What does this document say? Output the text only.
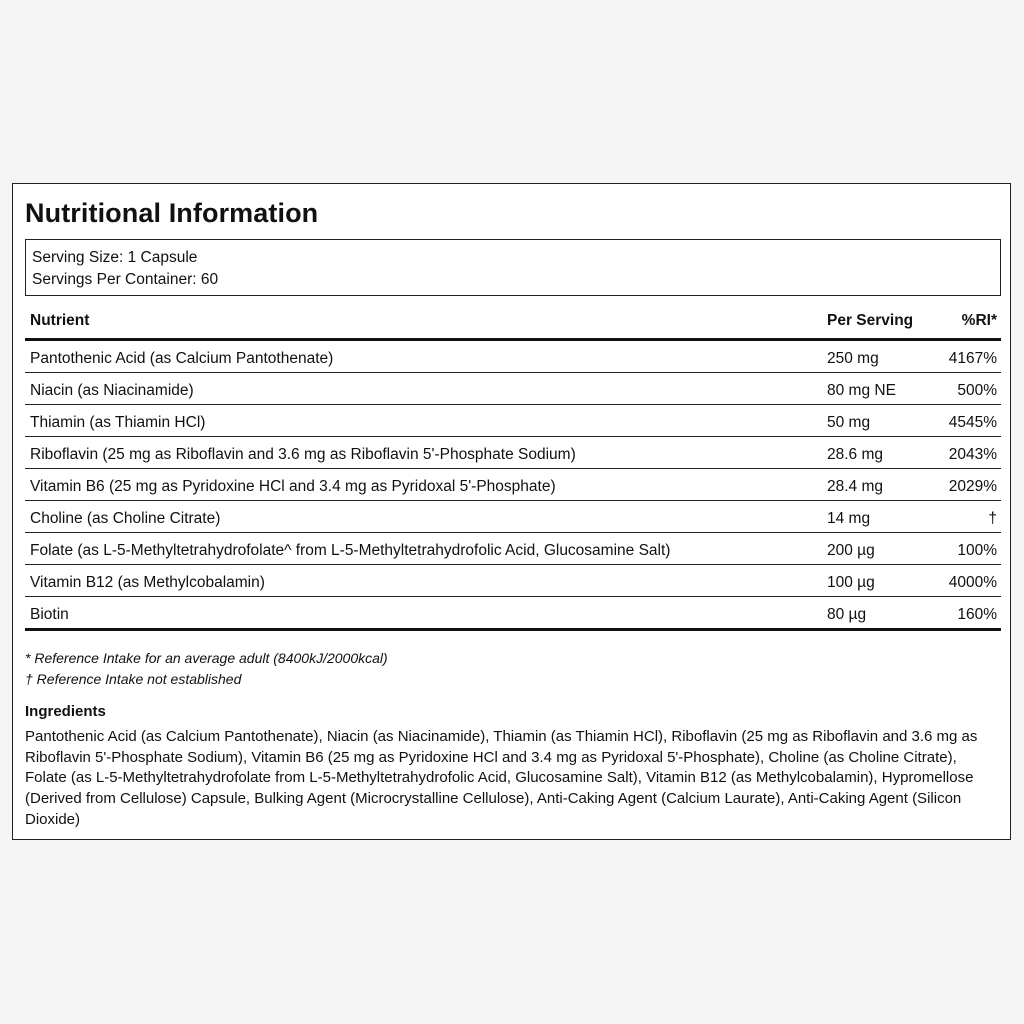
Nutritional Information
Serving Size: 1 Capsule
Servings Per Container: 60
Nutrient	Per Serving	%RI*
Pantothenic Acid (as Calcium Pantothenate)	250 mg	4167%
Niacin (as Niacinamide)	80 mg NE	500%
Thiamin (as Thiamin HCl)	50 mg	4545%
Riboflavin (25 mg as Riboflavin and 3.6 mg as Riboflavin 5'-Phosphate Sodium)	28.6 mg	2043%
Vitamin B6 (25 mg as Pyridoxine HCl and 3.4 mg as Pyridoxal 5'-Phosphate)	28.4 mg	2029%
Choline (as Choline Citrate)	14 mg	†
Folate (as L-5-Methyltetrahydrofolate^ from L-5-Methyltetrahydrofolic Acid, Glucosamine Salt)	200 µg	100%
Vitamin B12 (as Methylcobalamin)	100 µg	4000%
Biotin	80 µg	160%
* Reference Intake for an average adult (8400kJ/2000kcal)
† Reference Intake not established
Ingredients
Pantothenic Acid (as Calcium Pantothenate), Niacin (as Niacinamide), Thiamin (as Thiamin HCl), Riboflavin (25 mg as Riboflavin and 3.6 mg as Riboflavin 5'-Phosphate Sodium), Vitamin B6 (25 mg as Pyridoxine HCl and 3.4 mg as Pyridoxal 5'-Phosphate), Choline (as Choline Citrate), Folate (as L-5-Methyltetrahydrofolate from L-5-Methyltetrahydrofolic Acid, Glucosamine Salt), Vitamin B12 (as Methylcobalamin), Hypromellose (Derived from Cellulose) Capsule, Bulking Agent (Microcrystalline Cellulose), Anti-Caking Agent (Calcium Laurate), Anti-Caking Agent (Silicon Dioxide)
